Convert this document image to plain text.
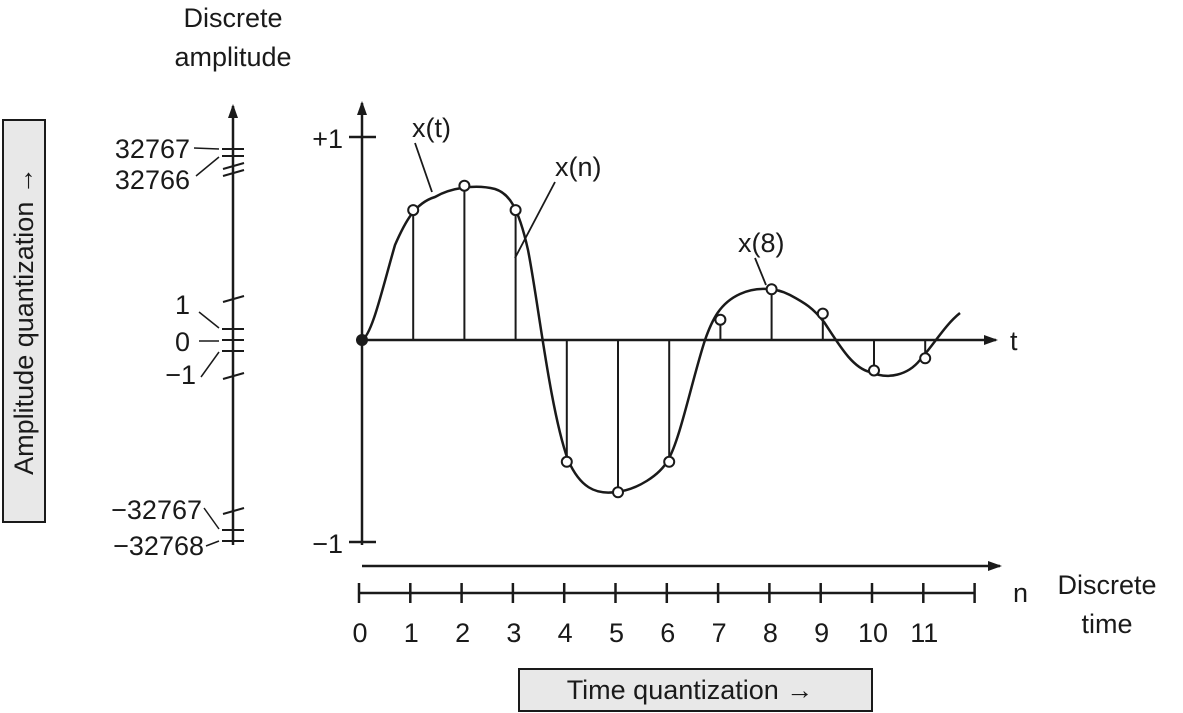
Discrete
amplitude
32767
32766
1
0
−1
−32767
−32768
Amplitude quantization →
+1
−1
t
x(t)
x(n)
x(8)
0 1 2 3 4 5 6 7 8 9 10 11
n Discrete
time
Time quantization →
